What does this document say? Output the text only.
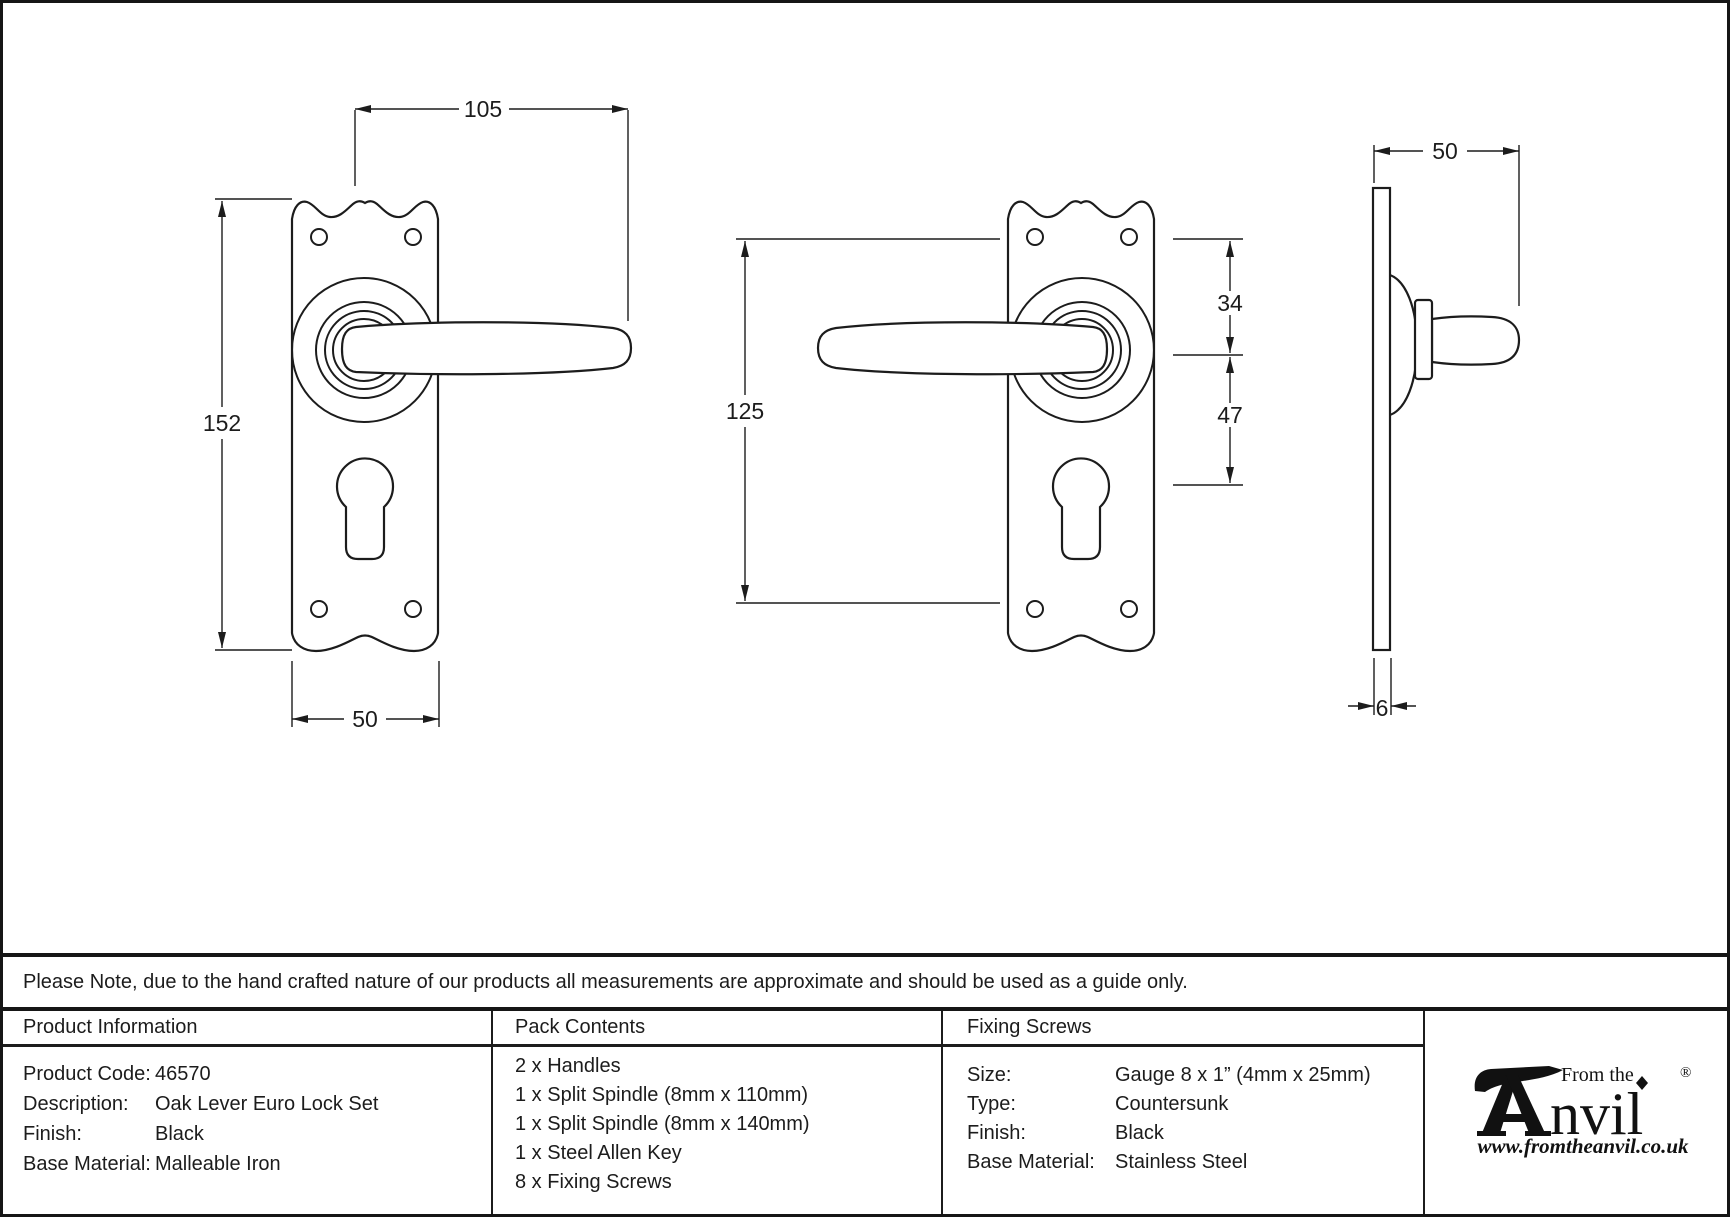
105
152
50
125
34
47
50
6
Please Note, due to the hand crafted nature of our products all measurements are approximate and should be used as a guide only.
Product Information
Product Code: 46570
Description:	Oak Lever Euro Lock Set
Finish:	Black
Base Material: Malleable Iron
Pack Contents
2 x Handles
1 x Split Spindle (8mm x 110mm)
1 x Split Spindle (8mm x 140mm)
1 x Steel Allen Key
8 x Fixing Screws
Fixing Screws
Size:	Gauge 8 x 1” (4mm x 25mm)
Type:	Countersunk
Finish:	Black
Base Material:	Stainless Steel
From the
nvil
®
www.fromtheanvil.co.uk
